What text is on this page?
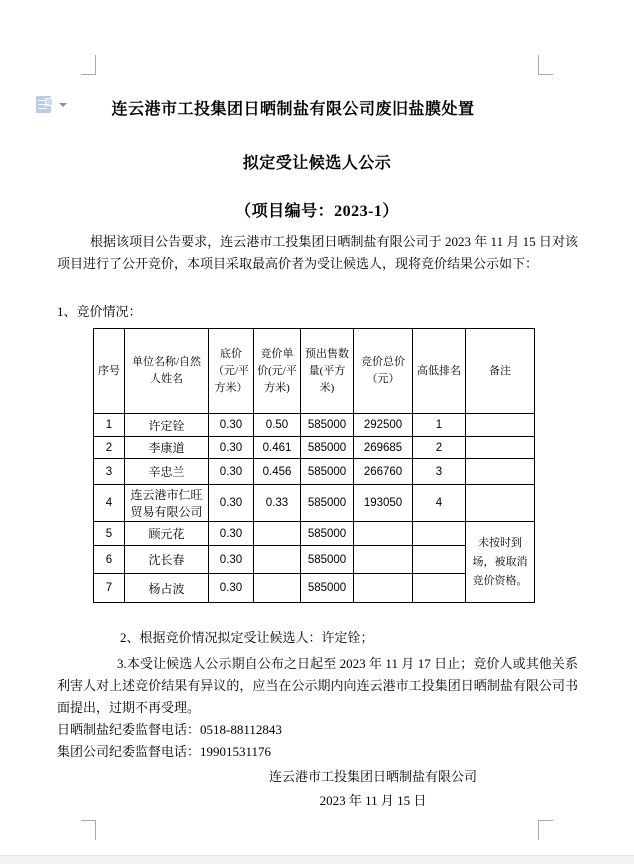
连云港市工投集团日晒制盐有限公司废旧盐膜处置
拟定受让候选人公示
（项目编号：2023-1）

根据该项目公告要求，连云港市工投集团日晒制盐有限公司于 2023 年 11 月 15 日对该项目进行了公开竞价，本项目采取最高价者为受让候选人，现将竞价结果公示如下：

1、竞价情况：
序号	单位名称/自然人姓名	底价（元/平方米）	竞价单价(元/平方米)	预出售数量(平方米)	竞价总价（元）	高低排名	备注
1	许定铨	0.30	0.50	585000	292500	1	
2	李康道	0.30	0.461	585000	269685	2	
3	辛忠兰	0.30	0.456	585000	266760	3	
4	连云港市仁旺贸易有限公司	0.30	0.33	585000	193050	4	
5	顾元花	0.30		585000			未按时到场，被取消竞价资格。
6	沈长春	0.30		585000			
7	杨占波	0.30		585000			

2、根据竞价情况拟定受让候选人：许定铨；

3.本受让候选人公示期自公布之日起至 2023 年 11 月 17 日止；竞价人或其他关系利害人对上述竞价结果有异议的，应当在公示期内向连云港市工投集团日晒制盐有限公司书面提出，过期不再受理。

日晒制盐纪委监督电话：0518-88112843
集团公司纪委监督电话：19901531176
连云港市工投集团日晒制盐有限公司
2023 年 11 月 15 日
